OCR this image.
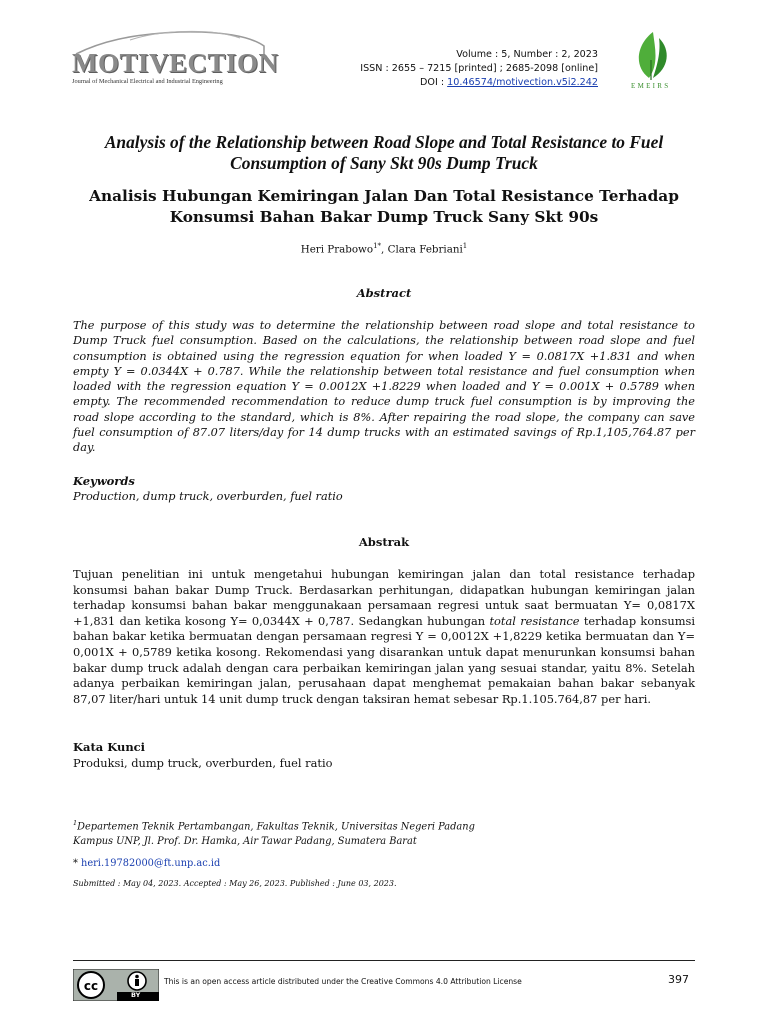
MOTIVECTION
Journal of Mechanical Electrical and Industrial Engineering
Volume : 5, Number : 2, 2023
ISSN : 2655 – 7215 [printed] ; 2685-2098 [online]
DOI : 10.46574/motivection.v5i2.242	EMEIRS
Analysis of the Relationship between Road Slope and Total Resistance to Fuel Consumption of Sany Skt 90s Dump Truck
Analisis Hubungan Kemiringan Jalan Dan Total Resistance Terhadap Konsumsi Bahan Bakar Dump Truck Sany Skt 90s
Heri Prabowo$^{1*}$, Clara Febriani$^1$
Abstract
The purpose of this study was to determine the relationship between road slope and total resistance to Dump Truck fuel consumption. Based on the calculations, the relationship between road slope and fuel consumption is obtained using the regression equation for when loaded Y = 0.0817X +1.831 and when empty Y = 0.0344X + 0.787. While the relationship between total resistance and fuel consumption when loaded with the regression equation Y = 0.0012X +1.8229 when loaded and Y = 0.001X + 0.5789 when empty. The recommended recommendation to reduce dump truck fuel consumption is by improving the road slope according to the standard, which is 8%. After repairing the road slope, the company can save fuel consumption of 87.07 liters/day for 14 dump trucks with an estimated savings of Rp.1,105,764.87 per day.
Keywords
Production, dump truck, overburden, fuel ratio
Abstrak
Tujuan penelitian ini untuk mengetahui hubungan kemiringan jalan dan total resistance terhadap konsumsi bahan bakar Dump Truck. Berdasarkan perhitungan, didapatkan hubungan kemiringan jalan terhadap konsumsi bahan bakar menggunakaan persamaan regresi untuk saat bermuatan Y= 0,0817X +1,831 dan ketika kosong Y= 0,0344X + 0,787. Sedangkan hubungan total resistance terhadap konsumsi bahan bakar ketika bermuatan dengan persamaan regresi Y = 0,0012X +1,8229 ketika bermuatan dan Y= 0,001X + 0,5789 ketika kosong. Rekomendasi yang disarankan untuk dapat menurunkan konsumsi bahan bakar dump truck adalah dengan cara perbaikan kemiringan jalan yang sesuai standar, yaitu 8%. Setelah adanya perbaikan kemiringan jalan, perusahaan dapat menghemat pemakaian bahan bakar sebanyak 87,07 liter/hari untuk 14 unit dump truck dengan taksiran hemat sebesar Rp.1.105.764,87 per hari.
Kata Kunci
Produksi, dump truck, overburden, fuel ratio
$^1$Departemen Teknik Pertambangan, Fakultas Teknik, Universitas Negeri Padang
Kampus UNP, Jl. Prof. Dr. Hamka, Air Tawar Padang, Sumatera Barat
* heri.19782000@ft.unp.ac.id
Submitted : May 04, 2023. Accepted : May 26, 2023. Published : June 03, 2023.
cc
BY
This is an open access article distributed under the Creative Commons 4.0 Attribution License	397
